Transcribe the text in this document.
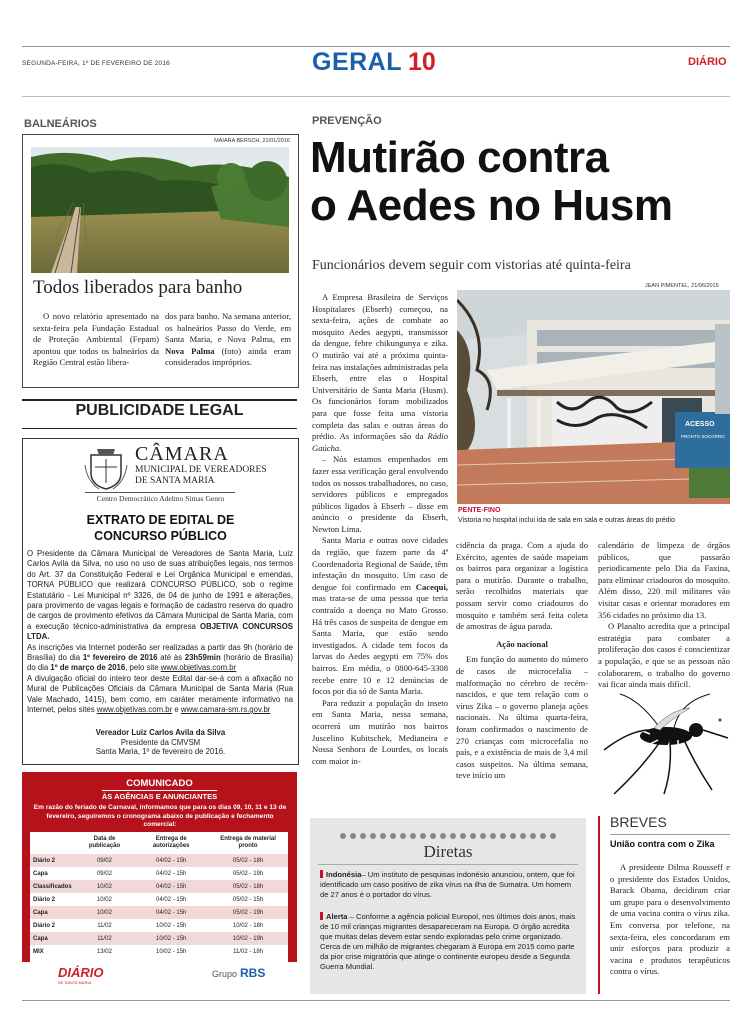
SEGUNDA-FEIRA, 1º DE FEVEREIRO DE 2016	GERAL 10	DIÁRIO
BALNEÁRIOS
MAIARA BERSCH, 21/01/2016
Todos liberados para banho

O novo relatório apresentado na sexta-feira pela Fundação Estadual de Proteção Ambiental (Fepam) apontou que todos os balneários da Região Central estão libera-

dos para banho. Na semana anterior, os balneários Passo do Verde, em Santa Maria, e Nova Palma, em Nova Palma (foto) ainda eram considerados impróprios.

PUBLICIDADE LEGAL
CÂMARA
MUNICIPAL DE VEREADORES
DE SANTA MARIA
Centro Democrático Adelmo Simas Genro
EXTRATO DE EDITAL DE
CONCURSO PÚBLICO
O Presidente da Câmara Municipal de Vereadores de Santa Maria, Luiz Carlos Avila da Silva, no uso no uso de suas atribuições legais, nos termos do Art. 37 da Constituição Federal e Lei Orgânica Municipal e emendas, TORNA PÚBLICO que realizará CONCURSO PÚBLICO, sob o regime Estatutário - Lei Municipal nº 3326, de 04 de junho de 1991 e alterações, para provimento de vagas legais e formação de cadastro reserva do quadro de cargos de provimento efetivos da Câmara Municipal de Santa Maria, com a execução técnico-administrativa da empresa OBJETIVA CONCURSOS LTDA.
As inscrições via Internet poderão ser realizadas a partir das 9h (horário de Brasília) do dia 1º fevereiro de 2016 até às 23h59min (horário de Brasília) do dia 1º de março de 2016, pelo site www.objetivas.com.br
A divulgação oficial do inteiro teor deste Edital dar-se-á com a afixação no Mural de Publicações Oficiais da Câmara Municipal de Santa Maria (Rua Vale Machado, 1415), bem como, em caráter meramente informativo na Internet, pelos sites www.objetivas.com.br e www.camara-sm.rs.gov.br
Vereador Luiz Carlos Avila da Silva
Presidente da CMVSM
Santa Maria, 1º de fevereiro de 2016.
COMUNICADO
ÀS AGÊNCIAS E ANUNCIANTES
Em razão do feriado de Carnaval, informamos que para os dias 09, 10, 11 e 13 de fevereiro, seguiremos o cronograma abaixo de publicação e fechamento comercial:
	Data de publicação	Entrega de autorizações	Entrega de material pronto
Diário 2	09/02	04/02 - 15h	05/02 - 18h
Capa	09/02	04/02 - 15h	05/02 - 19h
Classificados	10/02	04/02 - 15h	05/02 - 18h
Diário 2	10/02	04/02 - 15h	05/02 - 15h
Capa	10/02	04/02 - 15h	05/02 - 19h
Diário 2	11/02	10/02 - 15h	10/02 - 18h
Capa	11/02	10/02 - 15h	10/02 - 19h
MIX	13/02	10/02 - 15h	11/02 - 18h
DIÁRIO
DE SANTA MARIA
Grupo RBS
PREVENÇÃO
Mutirão contra
o Aedes no Husm
Funcionários devem seguir com vistorias até quinta-feira

A Empresa Brasileira de Serviços Hospitalares (Ebserh) começou, na sexta-feira, ações de combate ao mosquito Aedes aegypti, transmissor da dengue, febre chikungunya e zika. O mutirão vai até a próxima quinta-feira nas instalações administradas pela Ebserh, entre elas o Hospital Universitário de Santa Maria (Husm). Os funcionários foram mobilizados para que fosse feita uma vistoria completa das salas e outras áreas do prédio. As informações são da Rádio Gaúcha.

– Nós estamos empenhados em fazer essa verificação geral envolvendo todos os nossos trabalhadores, no caso, servidores públicos e empregados públicos ligados à Ebserh – disse em anúncio o presidente da Ebserh, Newton Lima.

Santa Maria e outras nove cidades da região, que fazem parte da 4ª Coordenadoria Regional de Saúde, têm infestação do mosquito. Um caso de dengue foi confirmado em Cacequi, mas trata-se de uma pessoa que teria contraído a doença no Mato Grosso. Há três casos de suspeita de dengue em Santa Maria, que estão sendo investigados. A cidade tem focos da larvas do Aedes aegypti em 75% dos bairros. Em média, o 0800-645-3308 recebe entre 10 e 12 denúncias de focos por dia só de Santa Maria.

Para reduzir a população do inseto em Santa Maria, nessa semana, ocorrerá um mutirão nos bairros Juscelino Kubitschek, Medianeira e Nossa Senhora de Lourdes, os locais com maior in-

JEAN PIMENTEL, 21/06/2015
ACESSO
PRONTO SOCORRO
PENTE-FINO
Vistoria no hospital inclui ida de sala em sala e outras áreas do prédio

cidência da praga. Com a ajuda do Exército, agentes de saúde mapeiam os bairros para organizar a logística para o mutirão. Durante o trabalho, serão recolhidos materiais que possam servir como criadouros do mosquito e também será feita coleta de amostras de água parada.

Ação nacional

Em função do aumento do número de casos de microcefalia – malformação no cérebro de recém-nascidos, e que tem relação com o vírus Zika – o governo planeja ações nacionais. Na última quarta-feira, foram confirmados o nascimento de 270 crianças com microcefalia no país, e a existência de mais de 3,4 mil casos suspeitos. Na última semana, teve início um

calendário de limpeza de órgãos públicos, que passarão periodicamente pelo Dia da Faxina, para eliminar criadouros do mosquito. Além disso, 220 mil militares vão visitar casas e orientar moradores em 356 cidades no próximo dia 13.

O Planalto acredita que a principal estratégia para combater a proliferação dos casos é conscientizar a população, e que se as pessoas não colaborarem, o trabalho do governo vai ficar ainda mais difícil.

Diretas
Indonésia– Um instituto de pesquisas indonésio anunciou, ontem, que foi identificado um caso positivo de zika vírus na ilha de Sumatra. Um homem de 27 anos é o portador do vírus.
Alerta – Conforme a agência policial Europol, nos últimos dois anos, mais de 10 mil crianças migrantes desapareceram na Europa. O órgão acredita que muitas delas devem estar sendo exploradas pelo crime organizado. Cerca de um milhão de migrantes chegaram à Europa em 2015 como parte da pior crise migratória que atinge o continente europeu desde a Segunda Guerra Mundial.
BREVES
União contra com o Zika

A presidente Dilma Rousseff e o presidente dos Estados Unidos, Barack Obama, decidiram criar um grupo para o desenvolvimento de uma vacina contra o vírus zika. Em conversa por telefone, na sexta-feira, eles concordaram em unir esforços para produzir a vacina e produtos terapêuticos contra o vírus.
